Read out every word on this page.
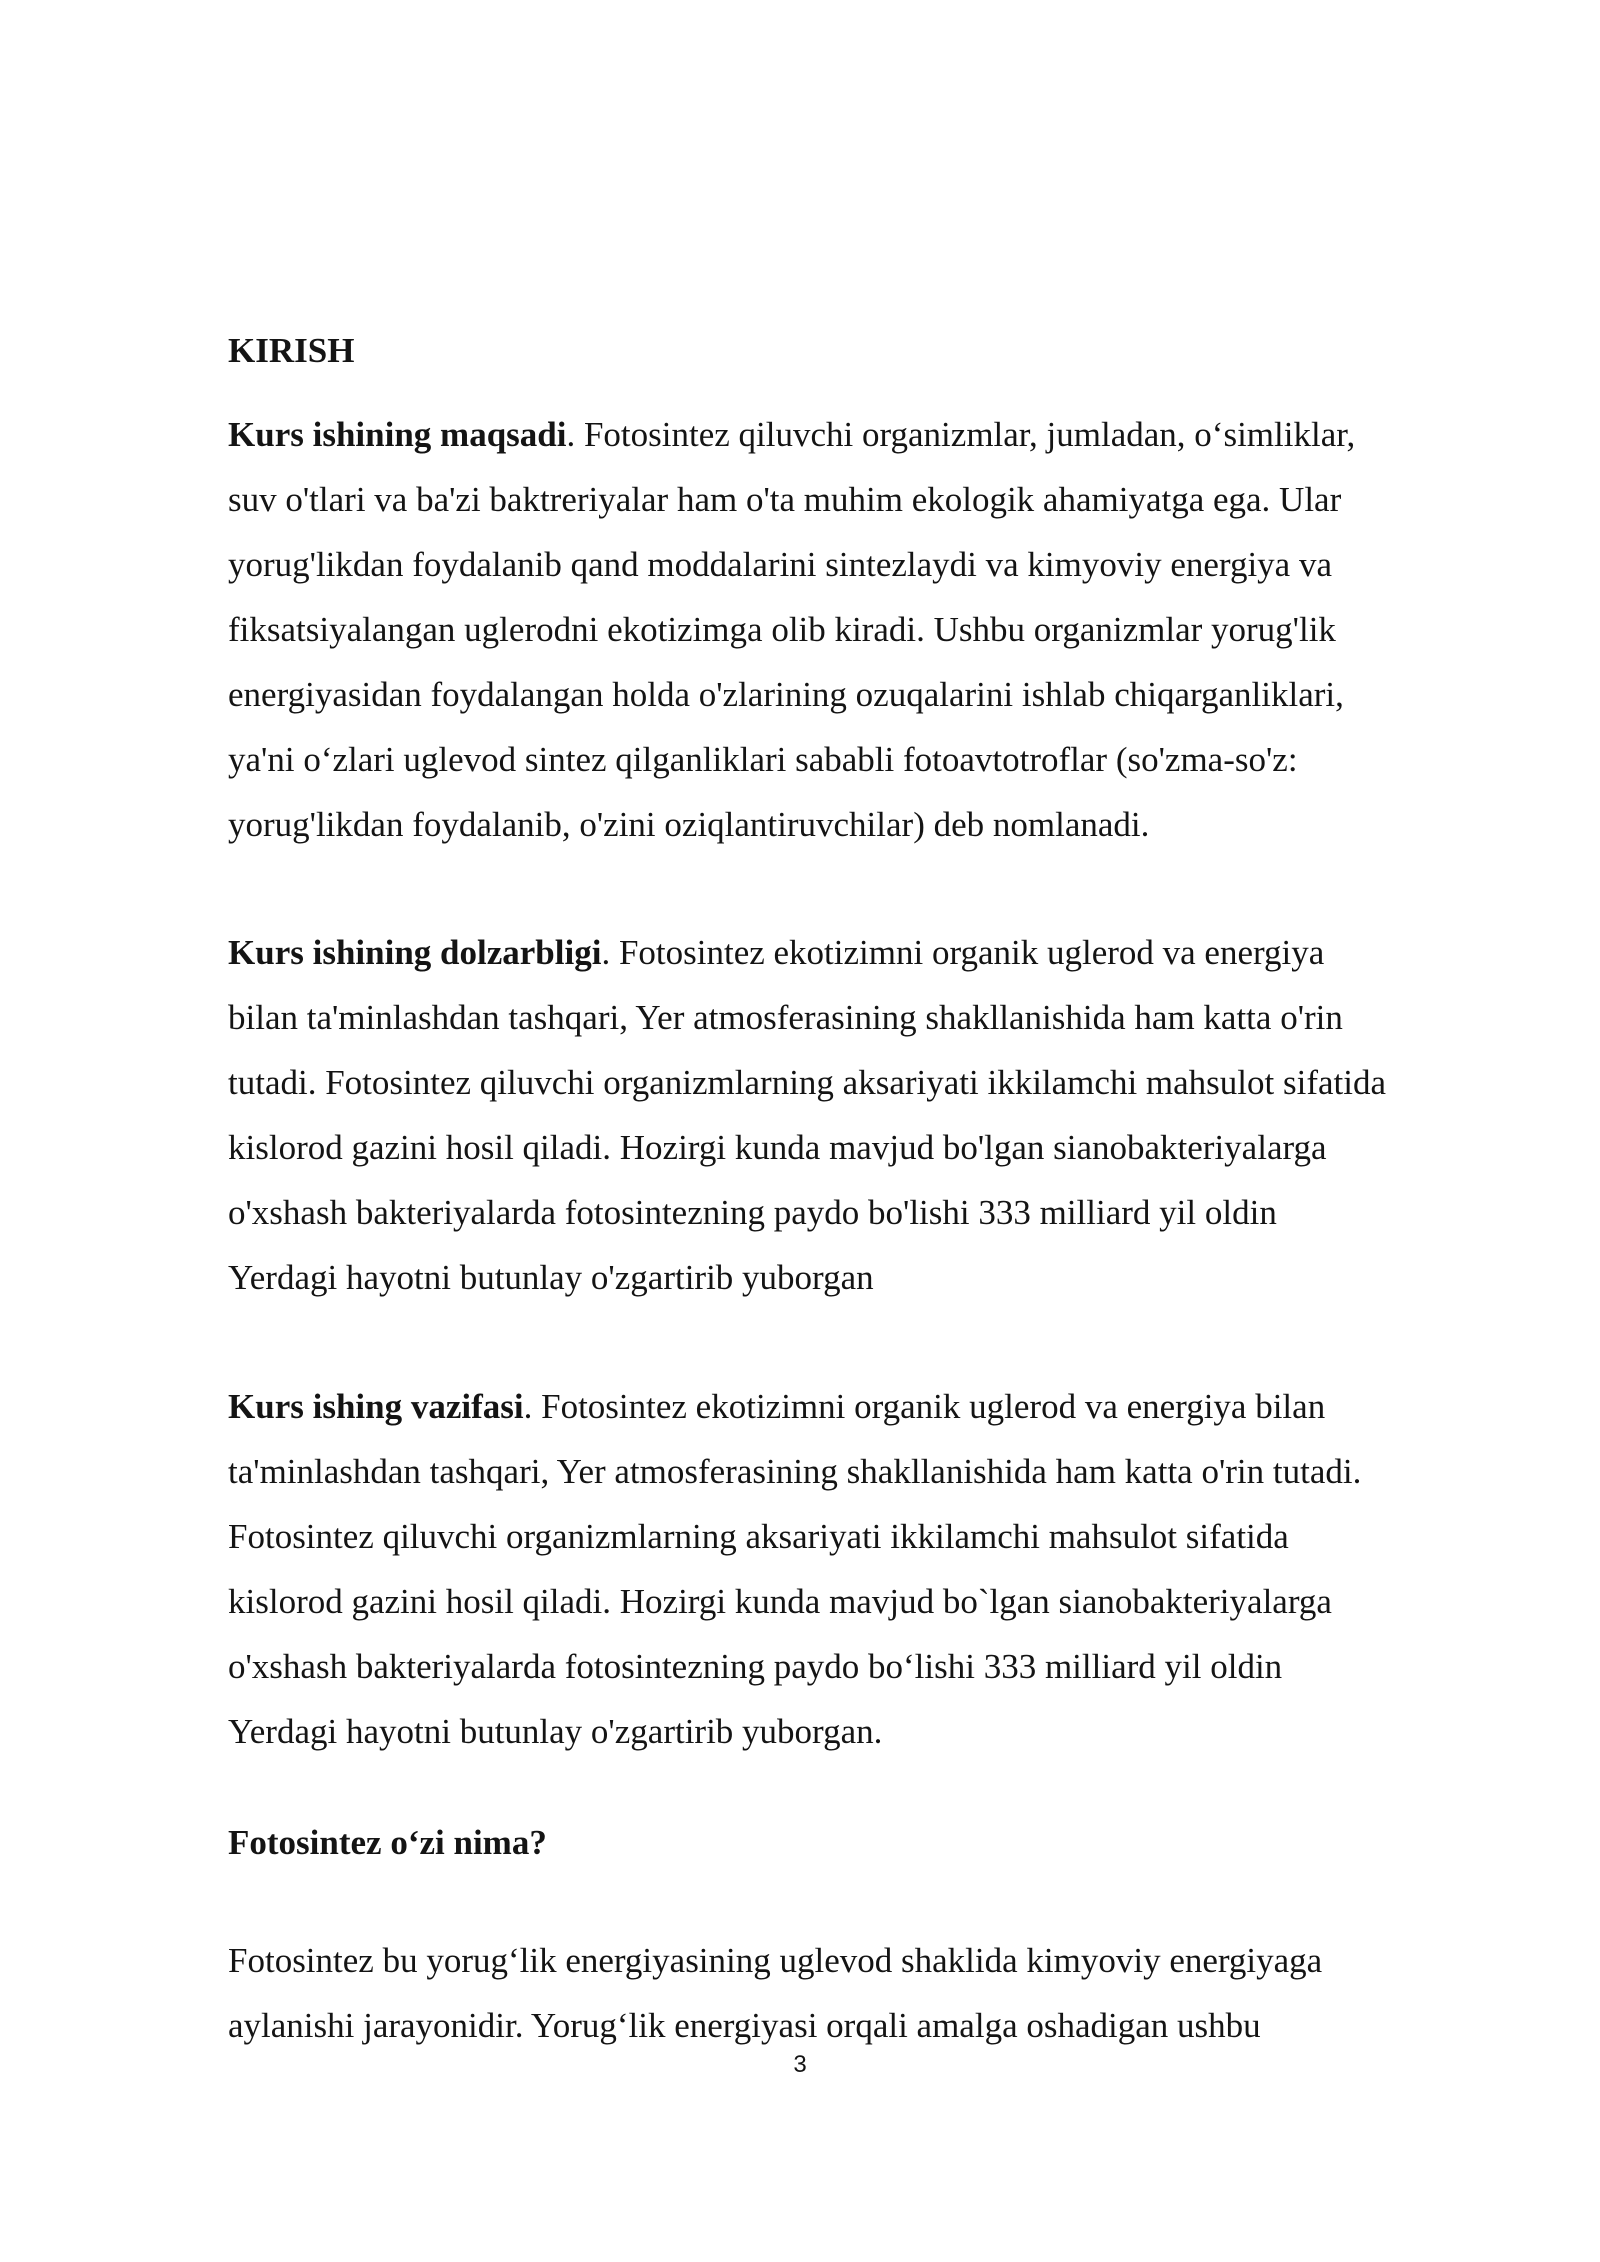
KIRISH
Kurs ishining maqsadi. Fotosintez qiluvchi organizmlar, jumladan, o‘simliklar,
suv o'tlari va ba'zi baktreriyalar ham o'ta muhim ekologik ahamiyatga ega. Ular
yorug'likdan foydalanib qand moddalarini sintezlaydi va kimyoviy energiya va
fiksatsiyalangan uglerodni ekotizimga olib kiradi. Ushbu organizmlar yorug'lik
energiyasidan foydalangan holda o'zlarining ozuqalarini ishlab chiqarganliklari,
ya'ni o‘zlari uglevod sintez qilganliklari sababli fotoavtotroflar (so'zma-so'z:
yorug'likdan foydalanib, o'zini oziqlantiruvchilar) deb nomlanadi.
Kurs ishining dolzarbligi. Fotosintez ekotizimni organik uglerod va energiya
bilan ta'minlashdan tashqari, Yer atmosferasining shakllanishida ham katta o'rin
tutadi. Fotosintez qiluvchi organizmlarning aksariyati ikkilamchi mahsulot sifatida
kislorod gazini hosil qiladi. Hozirgi kunda mavjud bo'lgan sianobakteriyalarga
o'xshash bakteriyalarda fotosintezning paydo bo'lishi 333 milliard yil oldin
Yerdagi hayotni butunlay o'zgartirib yuborgan
Kurs ishing vazifasi. Fotosintez ekotizimni organik uglerod va energiya bilan
ta'minlashdan tashqari, Yer atmosferasining shakllanishida ham katta o'rin tutadi.
Fotosintez qiluvchi organizmlarning aksariyati ikkilamchi mahsulot sifatida
kislorod gazini hosil qiladi. Hozirgi kunda mavjud bo`lgan sianobakteriyalarga
o'xshash bakteriyalarda fotosintezning paydo bo‘lishi 333 milliard yil oldin
Yerdagi hayotni butunlay o'zgartirib yuborgan.
Fotosintez o‘zi nima?
Fotosintez bu yorug‘lik energiyasining uglevod shaklida kimyoviy energiyaga
aylanishi jarayonidir. Yorug‘lik energiyasi orqali amalga oshadigan ushbu
3
